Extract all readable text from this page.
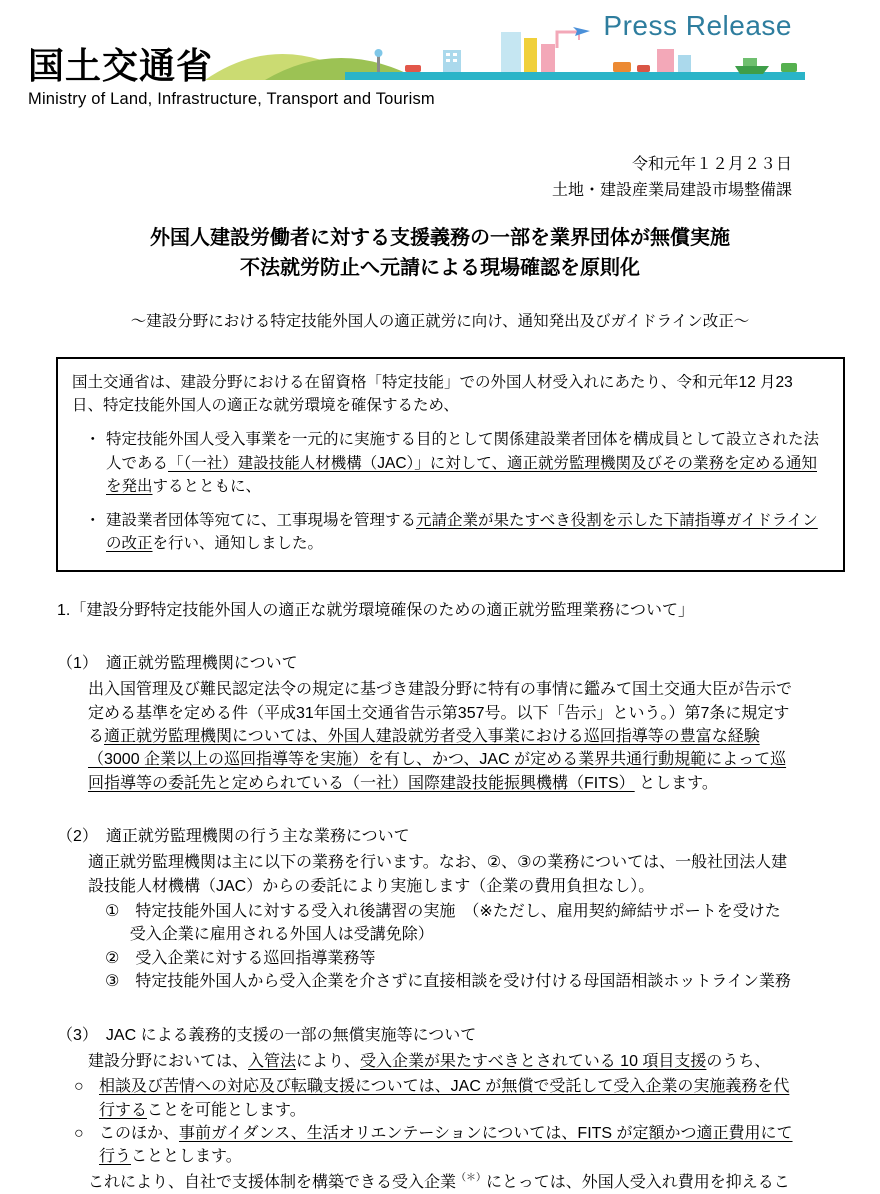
国土交通省
Ministry of Land, Infrastructure, Transport and Tourism
Press Release
令和元年１２月２３日
土地・建設産業局建設市場整備課
外国人建設労働者に対する支援義務の一部を業界団体が無償実施
不法就労防止へ元請による現場確認を原則化
～建設分野における特定技能外国人の適正就労に向け、通知発出及びガイドライン改正～

国土交通省は、建設分野における在留資格「特定技能」での外国人材受入れにあたり、令和元年12 月23 日、特定技能外国人の適正な就労環境を確保するため、

・ 特定技能外国人受入事業を一元的に実施する目的として関係建設業者団体を構成員として設立された法人である「（一社）建設技能人材機構（JAC）」に対して、適正就労監理機関及びその業務を定める通知を発出するとともに、
・ 建設業者団体等宛てに、工事現場を管理する元請企業が果たすべき役割を示した下請指導ガイドラインの改正を行い、通知しました。
1.「建設分野特定技能外国人の適正な就労環境確保のための適正就労監理業務について」

（1）　適正就労監理機関について

出入国管理及び難民認定法令の規定に基づき建設分野に特有の事情に鑑みて国土交通大臣が告示で定める基準を定める件（平成31年国土交通省告示第357号。以下「告示」という。）第7条に規定する適正就労監理機関については、外国人建設就労者受入事業における巡回指導等の豊富な経験（3000 企業以上の巡回指導等を実施）を有し、かつ、JAC が定める業界共通行動規範によって巡回指導等の委託先と定められている（一社）国際建設技能振興機構（FITS） とします。

（2）　適正就労監理機関の行う主な業務について

適正就労監理機関は主に以下の業務を行います。なお、②、③の業務については、一般社団法人建設技能人材機構（JAC）からの委託により実施します（企業の費用負担なし）。
①　特定技能外国人に対する受入れ後講習の実施　（※ただし、雇用契約締結サポートを受けた受入企業に雇用される外国人は受講免除）
②　受入企業に対する巡回指導業務等
③　特定技能外国人から受入企業を介さずに直接相談を受け付ける母国語相談ホットライン業務

（3）　JAC による義務的支援の一部の無償実施等について

建設分野においては、入管法により、受入企業が果たすべきとされている 10 項目支援のうち、
○ 相談及び苦情への対応及び転職支援については、JAC が無償で受託して受入企業の実施義務を代行することを可能とします。
○ このほか、事前ガイダンス、生活オリエンテーションについては、FITS が定額かつ適正費用にて行うこととします。
これにより、自社で支援体制を構築できる受入企業（＊）にとっては、外国人受入れ費用を抑えるこ
